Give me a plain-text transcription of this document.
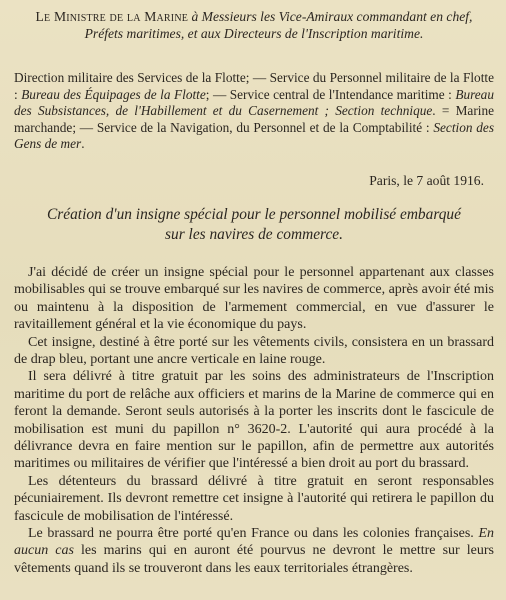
Le Ministre de la Marine à Messieurs les Vice-Amiraux commandant en chef,
Préfets maritimes, et aux Directeurs de l'Inscription maritime.
Direction militaire des Services de la Flotte; — Service du Personnel militaire de la Flotte : Bureau des Équipages de la Flotte; — Service central de l'Intendance maritime : Bureau des Subsistances, de l'Habillement et du Casernement ; Section technique. = Marine marchande; — Service de la Navigation, du Personnel et de la Comptabilité : Section des Gens de mer.
Paris, le 7 août 1916.
Création d'un insigne spécial pour le personnel mobilisé embarqué
sur les navires de commerce.

J'ai décidé de créer un insigne spécial pour le personnel appartenant aux classes mobilisables qui se trouve embarqué sur les navires de commerce, après avoir été mis ou maintenu à la disposition de l'armement commercial, en vue d'assurer le ravitaillement général et la vie économique du pays.

Cet insigne, destiné à être porté sur les vêtements civils, consistera en un brassard de drap bleu, portant une ancre verticale en laine rouge.

Il sera délivré à titre gratuit par les soins des administrateurs de l'Inscription maritime du port de relâche aux officiers et marins de la Marine de commerce qui en feront la demande. Seront seuls autorisés à la porter les inscrits dont le fascicule de mobilisation est muni du papillon n° 3620-2. L'autorité qui aura procédé à la délivrance devra en faire mention sur le papillon, afin de permettre aux autorités maritimes ou militaires de vérifier que l'intéressé a bien droit au port du brassard.

Les détenteurs du brassard délivré à titre gratuit en seront responsables pécuniairement. Ils devront remettre cet insigne à l'autorité qui retirera le papillon du fascicule de mobilisation de l'intéressé.

Le brassard ne pourra être porté qu'en France ou dans les colonies françaises. En aucun cas les marins qui en auront été pourvus ne devront le mettre sur leurs vêtements quand ils se trouveront dans les eaux territoriales étrangères.
